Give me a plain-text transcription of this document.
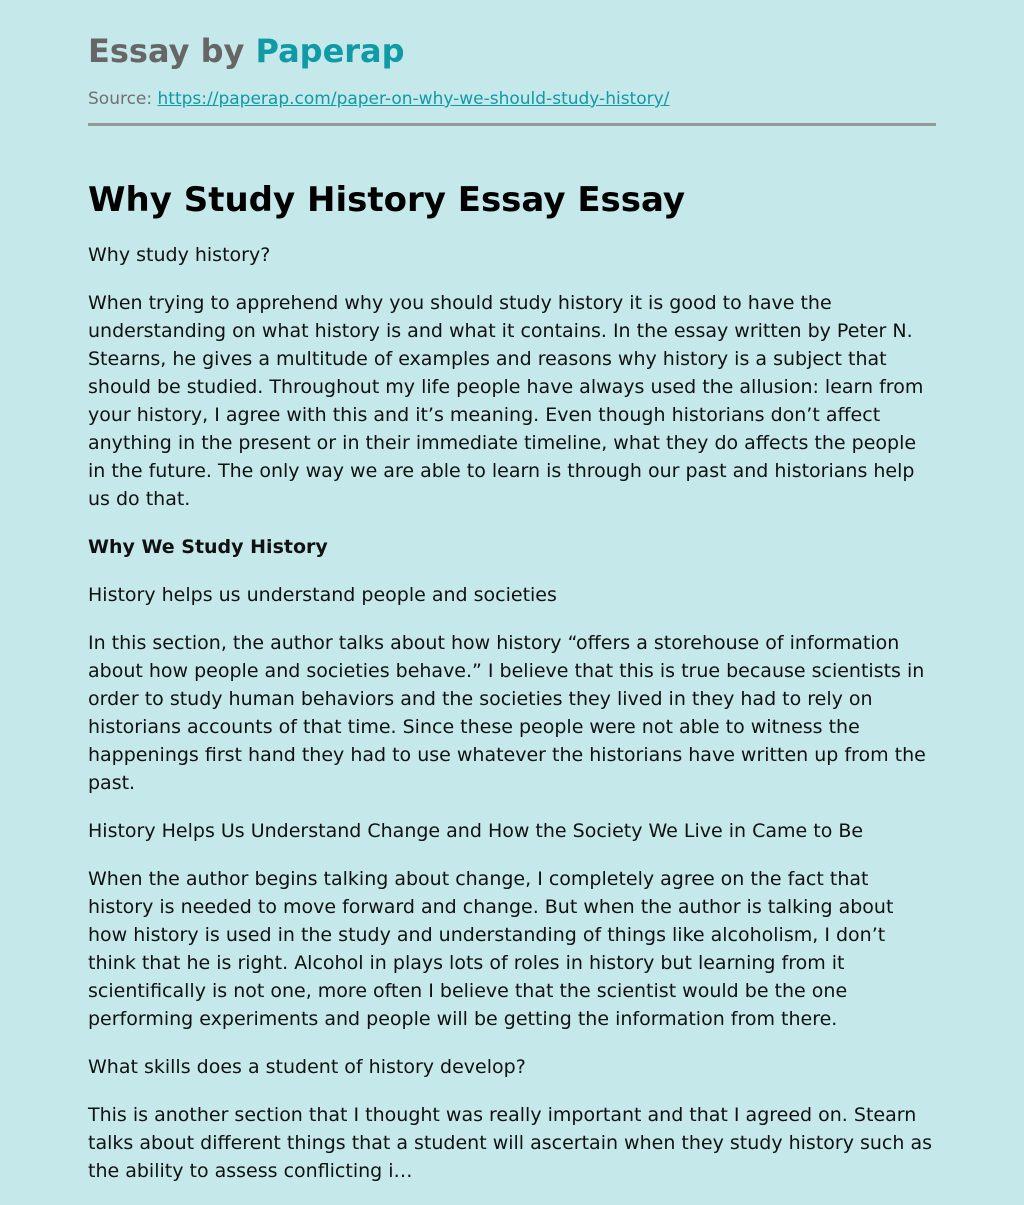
Essay by Paperap
Source: https://paperap.com/paper-on-why-we-should-study-history/
Why Study History Essay Essay

Why study history?

When trying to apprehend why you should study history it is good to have the understanding on what history is and what it contains. In the essay written by Peter N. Stearns, he gives a multitude of examples and reasons why history is a subject that should be studied. Throughout my life people have always used the allusion: learn from your history, I agree with this and it’s meaning. Even though historians don’t affect anything in the present or in their immediate timeline, what they do affects the people in the future. The only way we are able to learn is through our past and historians help us do that.

Why We Study History

History helps us understand people and societies

In this section, the author talks about how history “offers a storehouse of information about how people and societies behave.” I believe that this is true because scientists in order to study human behaviors and the societies they lived in they had to rely on historians accounts of that time. Since these people were not able to witness the happenings first hand they had to use whatever the historians have written up from the past.

History Helps Us Understand Change and How the Society We Live in Came to Be

When the author begins talking about change, I completely agree on the fact that history is needed to move forward and change. But when the author is talking about how history is used in the study and understanding of things like alcoholism, I don’t think that he is right. Alcohol in plays lots of roles in history but learning from it scientifically is not one, more often I believe that the scientist would be the one performing experiments and people will be getting the information from there.

What skills does a student of history develop?

This is another section that I thought was really important and that I agreed on. Stearn talks about different things that a student will ascertain when they study history such as the ability to assess conflicting i…
